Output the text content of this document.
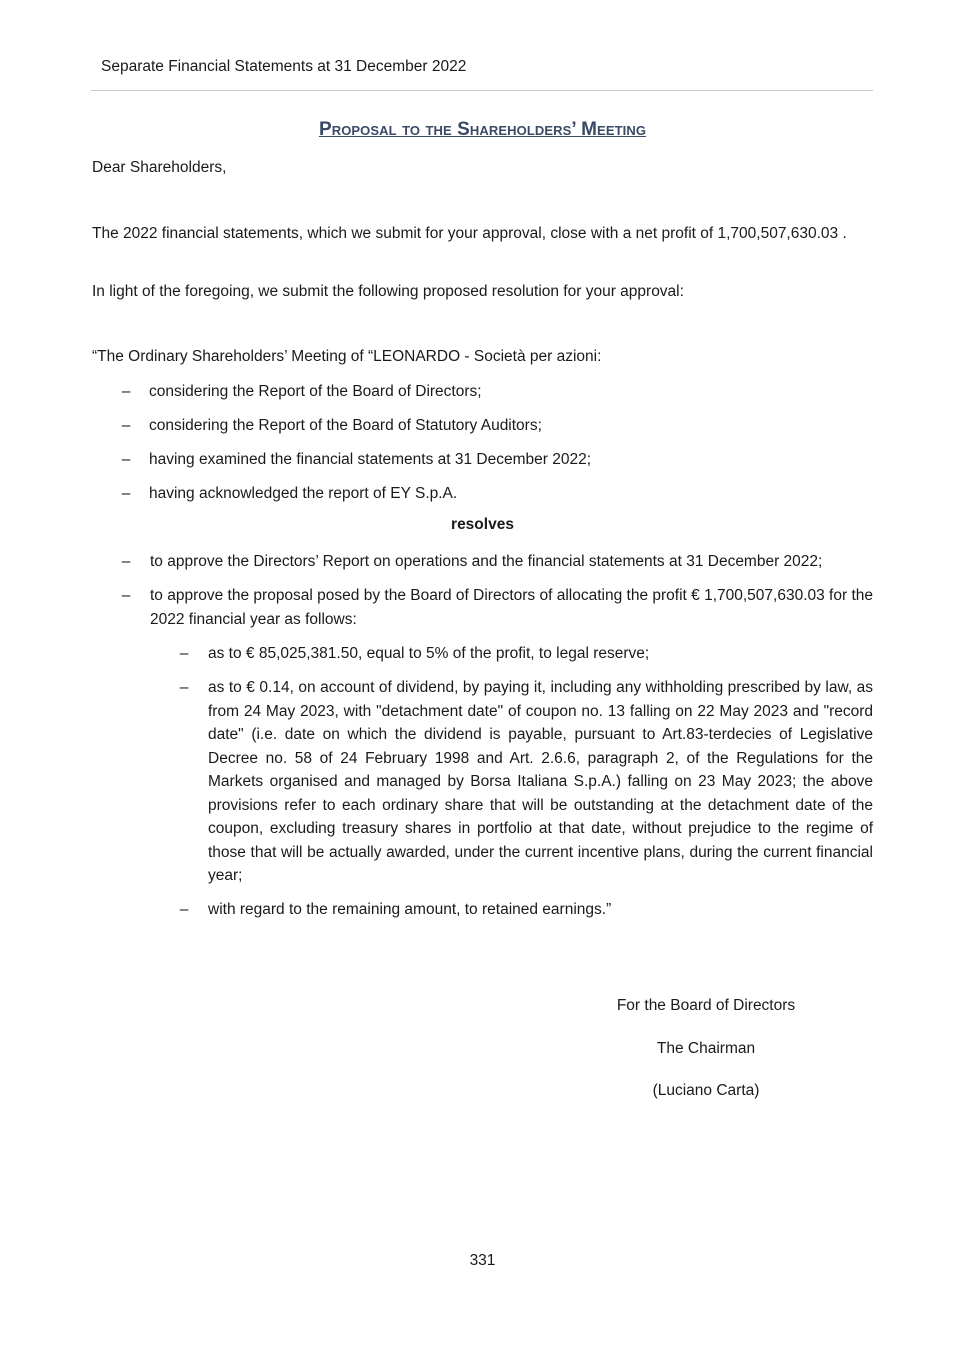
Separate Financial Statements at 31 December 2022
Proposal to the Shareholders’ Meeting
Dear Shareholders,
The 2022 financial statements, which we submit for your approval, close with a net profit of 1,700,507,630.03 .
In light of the foregoing, we submit the following proposed resolution for your approval:
“The Ordinary Shareholders’ Meeting of “LEONARDO - Società per azioni:
– considering the Report of the Board of Directors;
– considering the Report of the Board of Statutory Auditors;
– having examined the financial statements at 31 December 2022;
– having acknowledged the report of EY S.p.A.
resolves
– to approve the Directors’ Report on operations and the financial statements at 31 December 2022;
– to approve the proposal posed by the Board of Directors of allocating the profit € 1,700,507,630.03 for the 2022 financial year as follows:
– as to € 85,025,381.50, equal to 5% of the profit, to legal reserve;
– as to € 0.14, on account of dividend, by paying it, including any withholding prescribed by law, as from 24 May 2023, with "detachment date" of coupon no. 13 falling on 22 May 2023 and "record date" (i.e. date on which the dividend is payable, pursuant to Art.83-terdecies of Legislative Decree no. 58 of 24 February 1998 and Art. 2.6.6, paragraph 2, of the Regulations for the Markets organised and managed by Borsa Italiana S.p.A.) falling on 23 May 2023; the above provisions refer to each ordinary share that will be outstanding at the detachment date of the coupon, excluding treasury shares in portfolio at that date, without prejudice to the regime of those that will be actually awarded, under the current incentive plans, during the current financial year;
– with regard to the remaining amount, to retained earnings.”
For the Board of Directors
The Chairman
(Luciano Carta)
331
